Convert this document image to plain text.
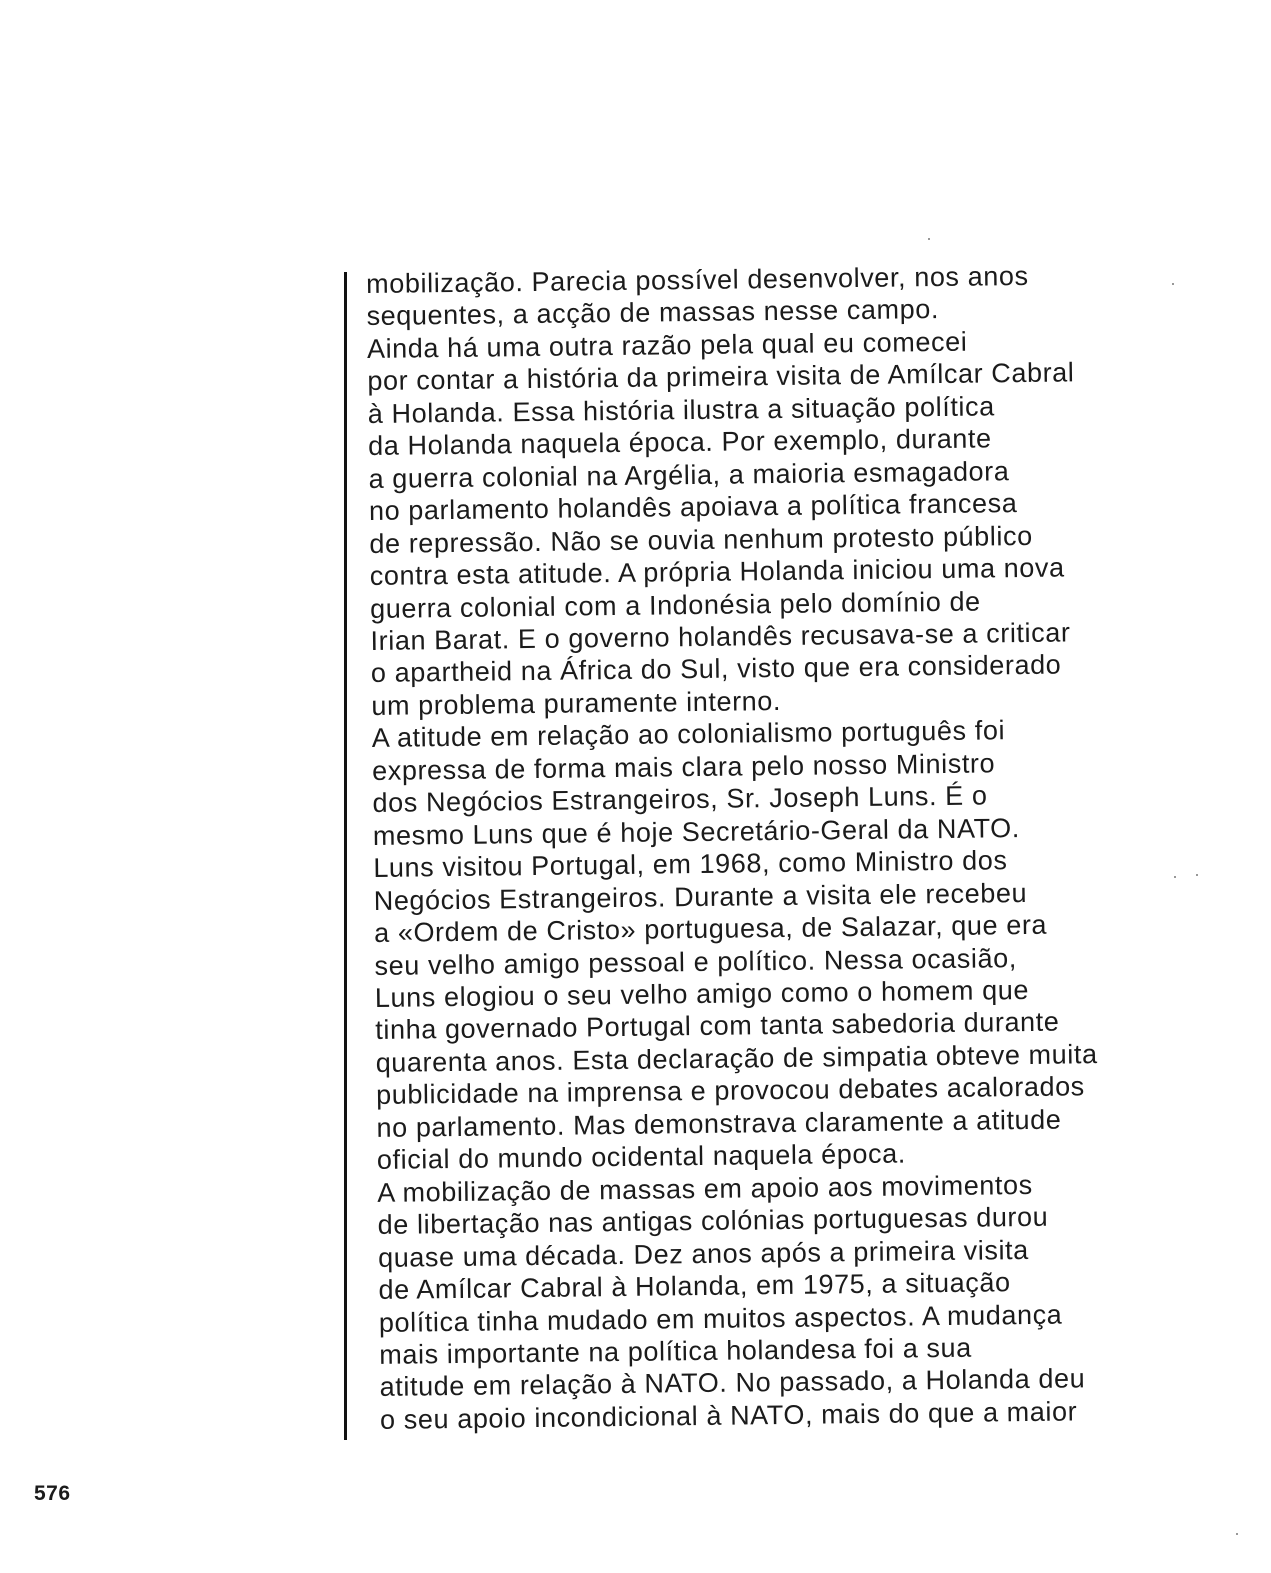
mobilização. Parecia possível desenvolver, nos anos
sequentes, a acção de massas nesse campo.
Ainda há uma outra razão pela qual eu comecei
por contar a história da primeira visita de Amílcar Cabral
à Holanda. Essa história ilustra a situação política
da Holanda naquela época. Por exemplo, durante
a guerra colonial na Argélia, a maioria esmagadora
no parlamento holandês apoiava a política francesa
de repressão. Não se ouvia nenhum protesto público
contra esta atitude. A própria Holanda iniciou uma nova
guerra colonial com a Indonésia pelo domínio de
Irian Barat. E o governo holandês recusava-se a criticar
o apartheid na África do Sul, visto que era considerado
um problema puramente interno.
A atitude em relação ao colonialismo português foi
expressa de forma mais clara pelo nosso Ministro
dos Negócios Estrangeiros, Sr. Joseph Luns. É o
mesmo Luns que é hoje Secretário-Geral da NATO.
Luns visitou Portugal, em 1968, como Ministro dos
Negócios Estrangeiros. Durante a visita ele recebeu
a «Ordem de Cristo» portuguesa, de Salazar, que era
seu velho amigo pessoal e político. Nessa ocasião,
Luns elogiou o seu velho amigo como o homem que
tinha governado Portugal com tanta sabedoria durante
quarenta anos. Esta declaração de simpatia obteve muita
publicidade na imprensa e provocou debates acalorados
no parlamento. Mas demonstrava claramente a atitude
oficial do mundo ocidental naquela época.
A mobilização de massas em apoio aos movimentos
de libertação nas antigas colónias portuguesas durou
quase uma década. Dez anos após a primeira visita
de Amílcar Cabral à Holanda, em 1975, a situação
política tinha mudado em muitos aspectos. A mudança
mais importante na política holandesa foi a sua
atitude em relação à NATO. No passado, a Holanda deu
o seu apoio incondicional à NATO, mais do que a maior
576
